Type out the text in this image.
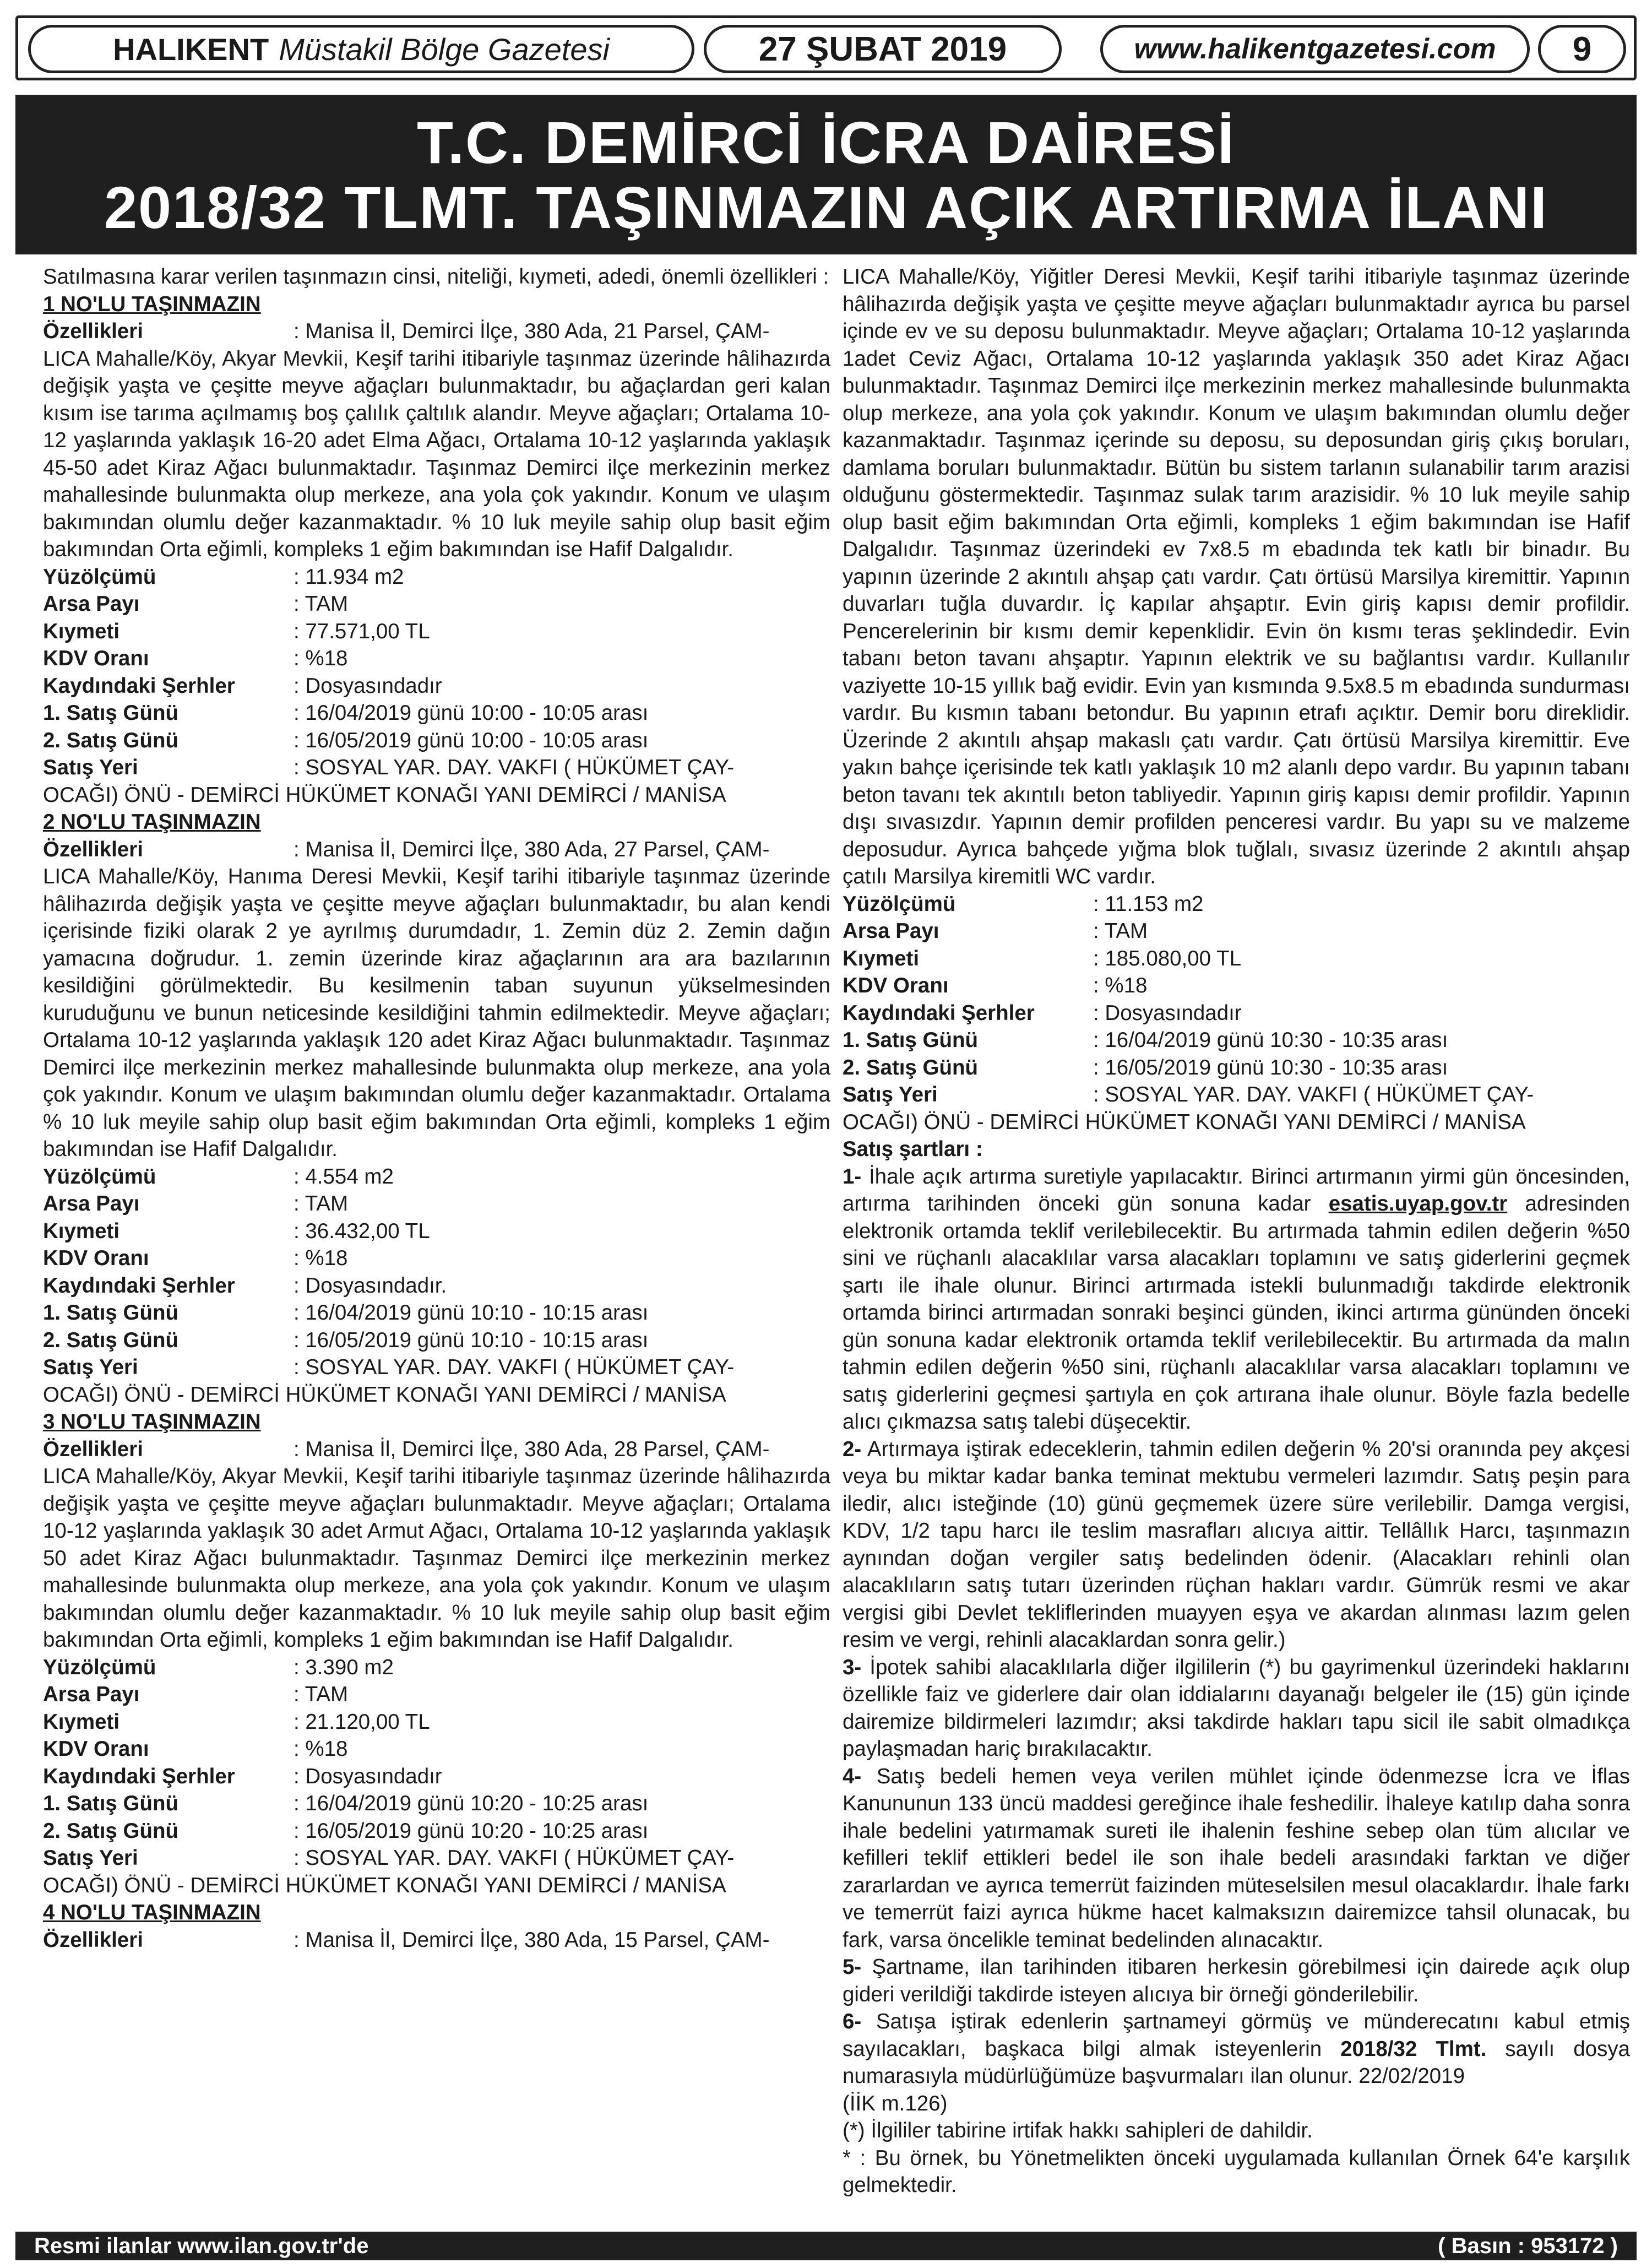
HALIKENT Müstakil Bölge Gazetesi	27 ŞUBAT 2019	www.halikentgazetesi.com	9
T.C. DEMİRCİ İCRA DAİRESİ
2018/32 TLMT. TAŞINMAZIN AÇIK ARTIRMA İLANI

Satılmasına karar verilen taşınmazın cinsi, niteliği, kıymeti, adedi, önemli özellikleri :

1 NO'LU TAŞINMAZIN
Özellikleri	: Manisa İl, Demirci İlçe, 380 Ada, 21 Parsel, ÇAM-

LICA Mahalle/Köy, Akyar Mevkii, Keşif tarihi itibariyle taşınmaz üzerinde hâlihazırda değişik yaşta ve çeşitte meyve ağaçları bulunmaktadır, bu ağaçlardan geri kalan kısım ise tarıma açılmamış boş çalılık çaltılık alandır. Meyve ağaçları; Ortalama 10-12 yaşlarında yaklaşık 16-20 adet Elma Ağacı, Ortalama 10-12 yaşlarında yaklaşık 45-50 adet Kiraz Ağacı bulunmaktadır. Taşınmaz Demirci ilçe merkezinin merkez mahallesinde bulunmakta olup merkeze, ana yola çok yakındır. Konum ve ulaşım bakımından olumlu değer kazanmaktadır. % 10 luk meyile sahip olup basit eğim bakımından Orta eğimli, kompleks 1 eğim bakımından ise Hafif Dalgalıdır.

Yüzölçümü	: 11.934 m2
Arsa Payı	: TAM
Kıymeti	: 77.571,00 TL
KDV Oranı	: %18
Kaydındaki Şerhler	: Dosyasındadır
1. Satış Günü	: 16/04/2019 günü 10:00 - 10:05 arası
2. Satış Günü	: 16/05/2019 günü 10:00 - 10:05 arası
Satış Yeri	: SOSYAL YAR. DAY. VAKFI ( HÜKÜMET ÇAY-

OCAĞI) ÖNÜ - DEMİRCİ HÜKÜMET KONAĞI YANI DEMİRCİ / MANİSA

2 NO'LU TAŞINMAZIN
Özellikleri	: Manisa İl, Demirci İlçe, 380 Ada, 27 Parsel, ÇAM-

LICA Mahalle/Köy, Hanıma Deresi Mevkii, Keşif tarihi itibariyle taşınmaz üzerinde hâlihazırda değişik yaşta ve çeşitte meyve ağaçları bulunmaktadır, bu alan kendi içerisinde fiziki olarak 2 ye ayrılmış durumdadır, 1. Zemin düz 2. Zemin dağın yamacına doğrudur. 1. zemin üzerinde kiraz ağaçlarının ara ara bazılarının kesildiğini görülmektedir. Bu kesilmenin taban suyunun yükselmesinden kuruduğunu ve bunun neticesinde kesildiğini tahmin edilmektedir. Meyve ağaçları; Ortalama 10-12 yaşlarında yaklaşık 120 adet Kiraz Ağacı bulunmaktadır. Taşınmaz Demirci ilçe merkezinin merkez mahallesinde bulunmakta olup merkeze, ana yola çok yakındır. Konum ve ulaşım bakımından olumlu değer kazanmaktadır. Ortalama % 10 luk meyile sahip olup basit eğim bakımından Orta eğimli, kompleks 1 eğim bakımından ise Hafif Dalgalıdır.

Yüzölçümü	: 4.554 m2
Arsa Payı	: TAM
Kıymeti	: 36.432,00 TL
KDV Oranı	: %18
Kaydındaki Şerhler	: Dosyasındadır.
1. Satış Günü	: 16/04/2019 günü 10:10 - 10:15 arası
2. Satış Günü	: 16/05/2019 günü 10:10 - 10:15 arası
Satış Yeri	: SOSYAL YAR. DAY. VAKFI ( HÜKÜMET ÇAY-

OCAĞI) ÖNÜ - DEMİRCİ HÜKÜMET KONAĞI YANI DEMİRCİ / MANİSA

3 NO'LU TAŞINMAZIN
Özellikleri	: Manisa İl, Demirci İlçe, 380 Ada, 28 Parsel, ÇAM-

LICA Mahalle/Köy, Akyar Mevkii, Keşif tarihi itibariyle taşınmaz üzerinde hâlihazırda değişik yaşta ve çeşitte meyve ağaçları bulunmaktadır. Meyve ağaçları; Ortalama 10-12 yaşlarında yaklaşık 30 adet Armut Ağacı, Ortalama 10-12 yaşlarında yaklaşık 50 adet Kiraz Ağacı bulunmaktadır. Taşınmaz Demirci ilçe merkezinin merkez mahallesinde bulunmakta olup merkeze, ana yola çok yakındır. Konum ve ulaşım bakımından olumlu değer kazanmaktadır. % 10 luk meyile sahip olup basit eğim bakımından Orta eğimli, kompleks 1 eğim bakımından ise Hafif Dalgalıdır.

Yüzölçümü	: 3.390 m2
Arsa Payı	: TAM
Kıymeti	: 21.120,00 TL
KDV Oranı	: %18
Kaydındaki Şerhler	: Dosyasındadır
1. Satış Günü	: 16/04/2019 günü 10:20 - 10:25 arası
2. Satış Günü	: 16/05/2019 günü 10:20 - 10:25 arası
Satış Yeri	: SOSYAL YAR. DAY. VAKFI ( HÜKÜMET ÇAY-

OCAĞI) ÖNÜ - DEMİRCİ HÜKÜMET KONAĞI YANI DEMİRCİ / MANİSA

4 NO'LU TAŞINMAZIN
Özellikleri	: Manisa İl, Demirci İlçe, 380 Ada, 15 Parsel, ÇAM-

LICA Mahalle/Köy, Yiğitler Deresi Mevkii, Keşif tarihi itibariyle taşınmaz üzerinde hâlihazırda değişik yaşta ve çeşitte meyve ağaçları bulunmaktadır ayrıca bu parsel içinde ev ve su deposu bulunmaktadır. Meyve ağaçları; Ortalama 10-12 yaşlarında 1adet Ceviz Ağacı, Ortalama 10-12 yaşlarında yaklaşık 350 adet Kiraz Ağacı bulunmaktadır. Taşınmaz Demirci ilçe merkezinin merkez mahallesinde bulunmakta olup merkeze, ana yola çok yakındır. Konum ve ulaşım bakımından olumlu değer kazanmaktadır. Taşınmaz içerinde su deposu, su deposundan giriş çıkış boruları, damlama boruları bulunmaktadır. Bütün bu sistem tarlanın sulanabilir tarım arazisi olduğunu göstermektedir. Taşınmaz sulak tarım arazisidir. % 10 luk meyile sahip olup basit eğim bakımından Orta eğimli, kompleks 1 eğim bakımından ise Hafif Dalgalıdır. Taşınmaz üzerindeki ev 7x8.5 m ebadında tek katlı bir binadır. Bu yapının üzerinde 2 akıntılı ahşap çatı vardır. Çatı örtüsü Marsilya kiremittir. Yapının duvarları tuğla duvardır. İç kapılar ahşaptır. Evin giriş kapısı demir profildir. Pencerelerinin bir kısmı demir kepenklidir. Evin ön kısmı teras şeklindedir. Evin tabanı beton tavanı ahşaptır. Yapının elektrik ve su bağlantısı vardır. Kullanılır vaziyette 10-15 yıllık bağ evidir. Evin yan kısmında 9.5x8.5 m ebadında sundurması vardır. Bu kısmın tabanı betondur. Bu yapının etrafı açıktır. Demir boru direklidir. Üzerinde 2 akıntılı ahşap makaslı çatı vardır. Çatı örtüsü Marsilya kiremittir. Eve yakın bahçe içerisinde tek katlı yaklaşık 10 m2 alanlı depo vardır. Bu yapının tabanı beton tavanı tek akıntılı beton tabliyedir. Yapının giriş kapısı demir profildir. Yapının dışı sıvasızdır. Yapının demir profilden penceresi vardır. Bu yapı su ve malzeme deposudur. Ayrıca bahçede yığma blok tuğlalı, sıvasız üzerinde 2 akıntılı ahşap çatılı Marsilya kiremitli WC vardır.

Yüzölçümü	: 11.153 m2
Arsa Payı	: TAM
Kıymeti	: 185.080,00 TL
KDV Oranı	: %18
Kaydındaki Şerhler	: Dosyasındadır
1. Satış Günü	: 16/04/2019 günü 10:30 - 10:35 arası
2. Satış Günü	: 16/05/2019 günü 10:30 - 10:35 arası
Satış Yeri	: SOSYAL YAR. DAY. VAKFI ( HÜKÜMET ÇAY-

OCAĞI) ÖNÜ - DEMİRCİ HÜKÜMET KONAĞI YANI DEMİRCİ / MANİSA

Satış şartları :

1- İhale açık artırma suretiyle yapılacaktır. Birinci artırmanın yirmi gün öncesinden, artırma tarihinden önceki gün sonuna kadar esatis.uyap.gov.tr adresinden elektronik ortamda teklif verilebilecektir. Bu artırmada tahmin edilen değerin %50 sini ve rüçhanlı alacaklılar varsa alacakları toplamını ve satış giderlerini geçmek şartı ile ihale olunur. Birinci artırmada istekli bulunmadığı takdirde elektronik ortamda birinci artırmadan sonraki beşinci günden, ikinci artırma gününden önceki gün sonuna kadar elektronik ortamda teklif verilebilecektir. Bu artırmada da malın tahmin edilen değerin %50 sini, rüçhanlı alacaklılar varsa alacakları toplamını ve satış giderlerini geçmesi şartıyla en çok artırana ihale olunur. Böyle fazla bedelle alıcı çıkmazsa satış talebi düşecektir.

2- Artırmaya iştirak edeceklerin, tahmin edilen değerin % 20'si oranında pey akçesi veya bu miktar kadar banka teminat mektubu vermeleri lazımdır. Satış peşin para iledir, alıcı isteğinde (10) günü geçmemek üzere süre verilebilir. Damga vergisi, KDV, 1/2 tapu harcı ile teslim masrafları alıcıya aittir. Tellâllık Harcı, taşınmazın aynından doğan vergiler satış bedelinden ödenir. (Alacakları rehinli olan alacaklıların satış tutarı üzerinden rüçhan hakları vardır. Gümrük resmi ve akar vergisi gibi Devlet tekliflerinden muayyen eşya ve akardan alınması lazım gelen resim ve vergi, rehinli alacaklardan sonra gelir.)

3- İpotek sahibi alacaklılarla diğer ilgililerin (*) bu gayrimenkul üzerindeki haklarını özellikle faiz ve giderlere dair olan iddialarını dayanağı belgeler ile (15) gün içinde dairemize bildirmeleri lazımdır; aksi takdirde hakları tapu sicil ile sabit olmadıkça paylaşmadan hariç bırakılacaktır.

4- Satış bedeli hemen veya verilen mühlet içinde ödenmezse İcra ve İflas Kanununun 133 üncü maddesi gereğince ihale feshedilir. İhaleye katılıp daha sonra ihale bedelini yatırmamak sureti ile ihalenin feshine sebep olan tüm alıcılar ve kefilleri teklif ettikleri bedel ile son ihale bedeli arasındaki farktan ve diğer zararlardan ve ayrıca temerrüt faizinden müteselsilen mesul olacaklardır. İhale farkı ve temerrüt faizi ayrıca hükme hacet kalmaksızın dairemizce tahsil olunacak, bu fark, varsa öncelikle teminat bedelinden alınacaktır.

5- Şartname, ilan tarihinden itibaren herkesin görebilmesi için dairede açık olup gideri verildiği takdirde isteyen alıcıya bir örneği gönderilebilir.

6- Satışa iştirak edenlerin şartnameyi görmüş ve münderecatını kabul etmiş sayılacakları, başkaca bilgi almak isteyenlerin 2018/32 Tlmt. sayılı dosya numarasıyla müdürlüğümüze başvurmaları ilan olunur. 22/02/2019

(İİK m.126)

(*) İlgililer tabirine irtifak hakkı sahipleri de dahildir.

* : Bu örnek, bu Yönetmelikten önceki uygulamada kullanılan Örnek 64'e karşılık gelmektedir.

Resmi ilanlar www.ilan.gov.tr'de	( Basın : 953172 )
